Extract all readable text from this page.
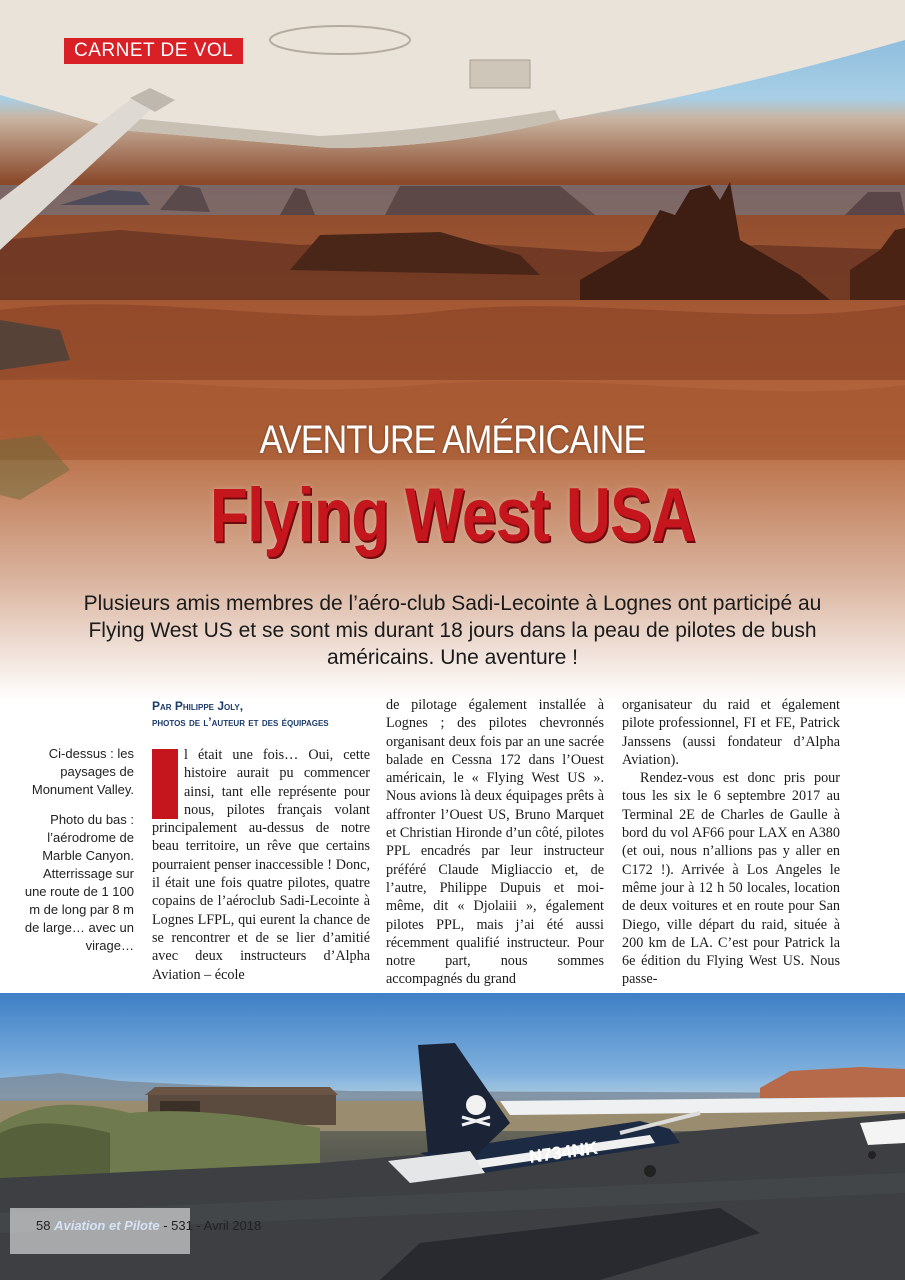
CARNET DE VOL
AVENTURE AMÉRICAINE
Flying West USA
Plusieurs amis membres de l’aéro-club Sadi-Lecointe à Lognes ont participé au Flying West US et se sont mis durant 18 jours dans la peau de pilotes de bush américains. Une aventure !

Ci-dessus : les paysages de Monument Valley.

Photo du bas : l’aérodrome de Marble Canyon. Atterrissage sur une route de 1 100 m de long par 8 m de large… avec un virage…

Par Philippe Joly,
photos de l’auteur et des équipages

l était une fois… Oui, cette histoire aurait pu commencer ainsi, tant elle représente pour nous, pilotes français volant principalement au-dessus de notre beau territoire, un rêve que certains pourraient penser inaccessible ! Donc, il était une fois quatre pilotes, quatre copains de l’aéroclub Sadi-Lecointe à Lognes LFPL, qui eurent la chance de se rencontrer et de se lier d’amitié avec deux instructeurs d’Alpha Aviation – école

de pilotage également installée à Lognes ; des pilotes chevronnés organisant deux fois par an une sacrée balade en Cessna 172 dans l’Ouest américain, le « Flying West US ». Nous avions là deux équipages prêts à affronter l’Ouest US, Bruno Marquet et Christian Hironde d’un côté, pilotes PPL encadrés par leur instructeur préféré Claude Migliaccio et, de l’autre, Philippe Dupuis et moi-même, dit « Djolaiii », également pilotes PPL, mais j’ai été aussi récemment qualifié instructeur. Pour notre part, nous sommes accompagnés du grand

organisateur du raid et également pilote professionnel, FI et FE, Patrick Janssens (aussi fondateur d’Alpha Aviation).

Rendez-vous est donc pris pour tous les six le 6 septembre 2017 au Terminal 2E de Charles de Gaulle à bord du vol AF66 pour LAX en A380 (et oui, nous n’allions pas y aller en C172 !). Arrivée à Los Angeles le même jour à 12 h 50 locales, location de deux voitures et en route pour San Diego, ville départ du raid, située à 200 km de LA. C’est pour Patrick la 6e édition du Flying West US. Nous passe-

N734NK
58 Aviation et Pilote - 531 - Avril 2018
